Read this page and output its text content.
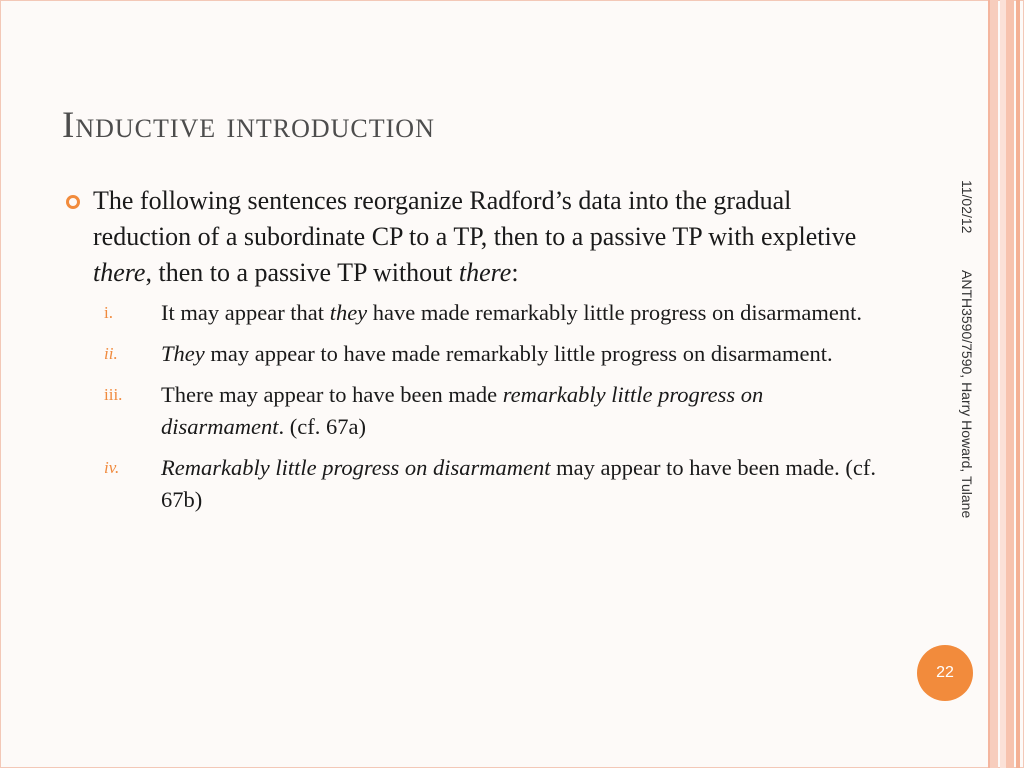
Inductive introduction
11/02/12
ANTH3590/7590, Harry Howard, Tulane
22
The following sentences reorganize Radford’s data into the gradual reduction of a subordinate CP to a TP, then to a passive TP with expletive there, then to a passive TP without there:
i. It may appear that they have made remarkably little progress on disarmament.
ii. They may appear to have made remarkably little progress on disarmament.
iii. There may appear to have been made remarkably little progress on disarmament. (cf. 67a)
iv. Remarkably little progress on disarmament may appear to have been made. (cf. 67b)
